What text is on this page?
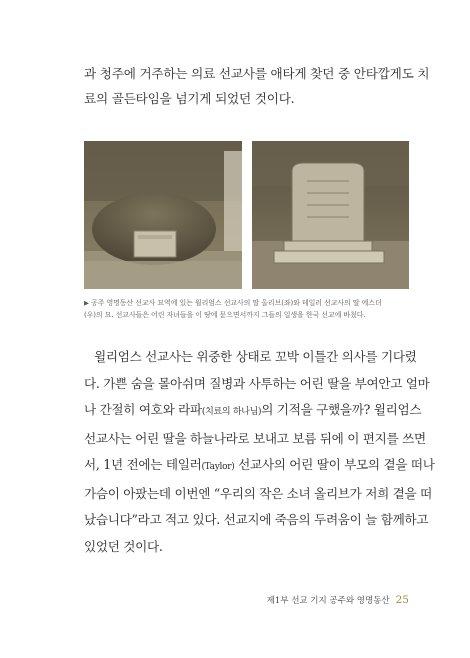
과 청주에 거주하는 의료 선교사를 애타게 찾던 중 안타깝게도 치
료의 골든타임을 넘기게 되었던 것이다.

▶ 공주 영명동산 선교사 묘역에 있는 윌리엄스 선교사의 딸 올리브(좌)와 테일러 선교사의 딸 에스더
(우)의 묘. 선교사들은 어린 자녀들을 이 땅에 묻으면서까지 그들의 일생을 한국 선교에 바쳤다.
윌리엄스 선교사는 위중한 상태로 꼬박 이틀간 의사를 기다렸
다. 가쁜 숨을 몰아쉬며 질병과 사투하는 어린 딸을 부여안고 얼마
나 간절히 여호와 라파(치료의 하나님)의 기적을 구했을까? 윌리엄스
선교사는 어린 딸을 하늘나라로 보내고 보름 뒤에 이 편지를 쓰면
서, 1년 전에는 테일러(Taylor) 선교사의 어린 딸이 부모의 곁을 떠나
가슴이 아팠는데 이번엔 “우리의 작은 소녀 올리브가 저희 곁을 떠
났습니다”라고 적고 있다. 선교지에 죽음의 두려움이 늘 함께하고
있었던 것이다.
제1부 선교 기지 공주와 영명동산 25
